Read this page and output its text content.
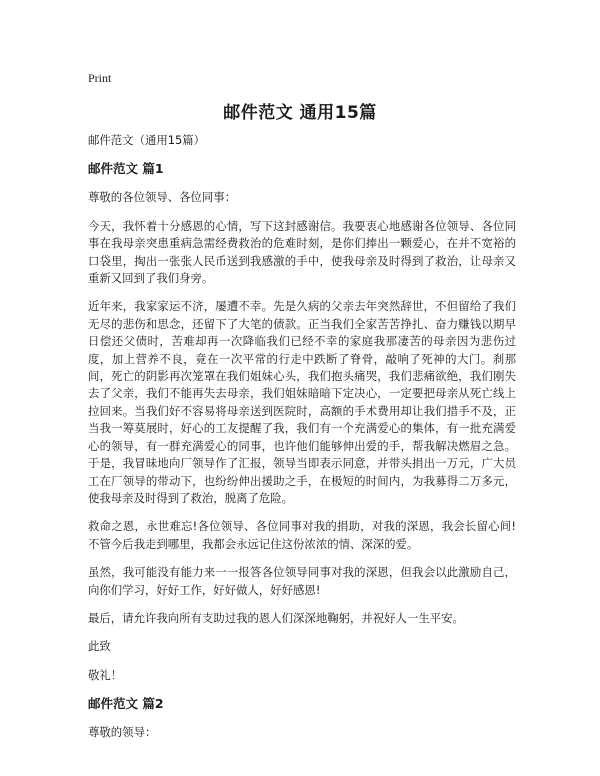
Print
邮件范文 通用15篇

邮件范文（通用15篇）

邮件范文 篇1

尊敬的各位领导、各位同事：

今天，我怀着十分感恩的心情，写下这封感谢信。我要衷心地感谢各位领导、各位同事在我母亲突患重病急需经费救治的危难时刻，是你们捧出一颗爱心，在并不宽裕的口袋里，掏出一张张人民币送到我感激的手中，使我母亲及时得到了救治，让母亲又重新又回到了我们身旁。

近年来，我家家运不济，屡遭不幸。先是久病的父亲去年突然辞世，不但留给了我们无尽的悲伤和思念，还留下了大笔的债款。正当我们全家苦苦挣扎、奋力赚钱以期早日偿还父债时，苦难却再一次降临我们已经不幸的家庭我那凄苦的母亲因为悲伤过度，加上营养不良，竟在一次平常的行走中跌断了脊骨，敲响了死神的大门。刹那间，死亡的阴影再次笼罩在我们姐妹心头，我们抱头痛哭，我们悲痛欲绝，我们刚失去了父亲，我们不能再失去母亲，我们姐妹暗暗下定决心，一定要把母亲从死亡线上拉回来。当我们好不容易将母亲送到医院时，高额的手术费用却让我们措手不及，正当我一筹莫展时，好心的工友提醒了我，我们有一个充满爱心的集体，有一批充满爱心的领导，有一群充满爱心的同事，也许他们能够伸出爱的手，帮我解决燃眉之急。于是，我冒昧地向厂领导作了汇报，领导当即表示同意，并带头捐出一万元，广大员工在厂领导的带动下，也纷纷伸出援助之手，在极短的时间内，为我募得二万多元，使我母亲及时得到了救治，脱离了危险。

救命之恩，永世难忘!各位领导、各位同事对我的捐助，对我的深恩，我会长留心间!不管今后我走到哪里，我都会永远记住这份浓浓的情、深深的爱。

虽然，我可能没有能力来一一报答各位领导同事对我的深恩，但我会以此激励自己，向你们学习，好好工作，好好做人，好好感恩!

最后，请允许我向所有支助过我的恩人们深深地鞠躬，并祝好人一生平安。

此致

敬礼！

邮件范文 篇2

尊敬的领导：
